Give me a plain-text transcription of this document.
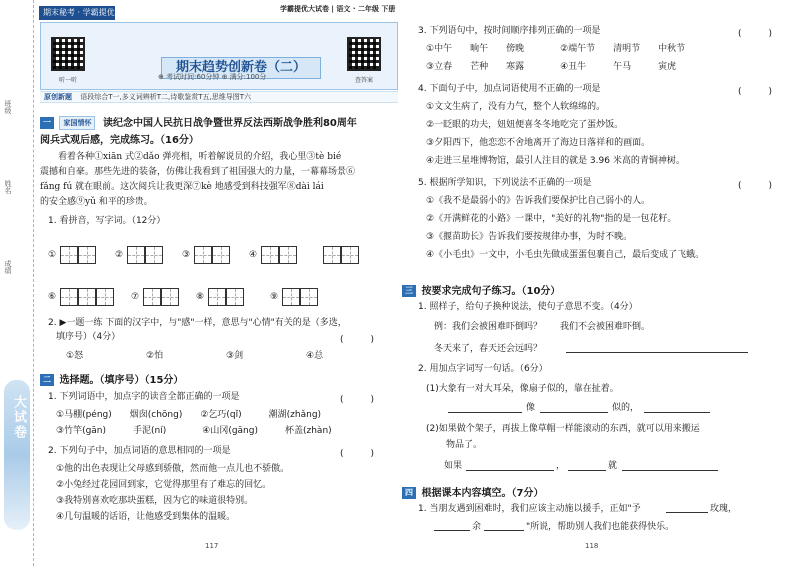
班级
姓名
成绩
大试卷
期末秘考 · 学霸提优
听一听
期末趋势创新卷（二）
查答案
⊕ 考试时间:60分钟 ⊕ 满分:100分
原创新题 语段综合T一,多义词辨析T二,诗歌鉴赏T五,思维导图T六
一 家国情怀 读纪念中国人民抗日战争暨世界反法西斯战争胜利80周年
阅兵式观后感，完成练习。（16分）
　　看着各种①xiān 式②dǎo 弹亮相，听着解说员的介绍，我心里③tè bié
震撼和自豪。那些先进的装备，仿佛让我看到了祖国强大的力量，一幕幕场景⑥
fǎng fú 就在眼前。这次阅兵让我更深⑦kè 地感受到科技强军⑧dài lái
的安全感⑨yǔ 和平的珍贵。
1. 看拼音，写字词。（12分）
①	②	③	④
⑥	⑦	⑧	⑨
2. ▶一题一练 下面的汉字中，与"感"一样，意思与"心情"有关的是（多选，
填序号）（4分）	(　　　)
①怒	②怕	③剑	④总
二 选择题。（填序号）（15分）
1. 下列词语中，加点字的读音全都正确的一项是	(　　　)
①马棚(péng)　　烟囱(chōng)　　②乞巧(qǐ)　　　潮湖(zhǎng)
③竹竿(gān)　　　手泥(ní)　　　　④山冈(gāng)　　　杯盖(zhàn)
2. 下列句子中，加点词语的意思相同的一项是	(　　　)
①他的出色表现让父母感到骄傲，然而他一点儿也不骄傲。
②小兔经过花园回到家，它觉得那里有了难忘的回忆。
③我特别喜欢吃那块蛋糕，因为它的味道很特别。
④几句温暖的话语，让他感受到集体的温暖。
117
学霸提优大试卷 | 语文 · 二年级 下册
3. 下列语句中，按时间顺序排列正确的一项是	(　　　)
①中午　　晌午　　傍晚　　　　②端午节　　清明节　　中秋节
③立春　　芒种　　寒露　　　　④丑牛　　　午马　　　寅虎
4. 下面句子中，加点词语使用不正确的一项是	(　　　)
①文文生病了，没有力气，整个人软绵绵的。
②一眨眼的功夫，妞妞便喜冬冬地吃完了蛋炒饭。
③夕阳西下，他恋恋不舍地离开了海边日落祥和的画面。
④走进三星堆博物馆，最引人注目的就是 3.96 米高的青铜神树。
5. 根据所学知识，下列说法不正确的一项是	(　　　)
①《我不是最弱小的》告诉我们要保护比自己弱小的人。
②《开满鲜花的小路》一课中，"美好的礼物"指的是一包花籽。
③《揠苗助长》告诉我们要按规律办事，为时不晚。
④《小毛虫》一文中，小毛虫先做成蛋蛋包裹自己，最后变成了飞蛾。
三 按要求完成句子练习。（10分）
1. 照样子，给句子换种说法，使句子意思不变。（4分）
例：我们会被困难吓倒吗？　　我们不会被困难吓倒。
冬天来了，春天还会远吗？
2. 用加点字词写一句话。（6分）
(1)大象有一对大耳朵，像扇子似的，靠在扯着。
像	似的，
(2)如果做个架子，再拔上像草帽一样能滚动的东西，就可以用来搬运
物品了。
如果	，	就
四 根据课本内容填空。（7分）
1. 当朋友遇到困难时，我们应该主动施以援手，正如"予	玫瑰，
余	"所说，帮助别人我们也能获得快乐。
118
